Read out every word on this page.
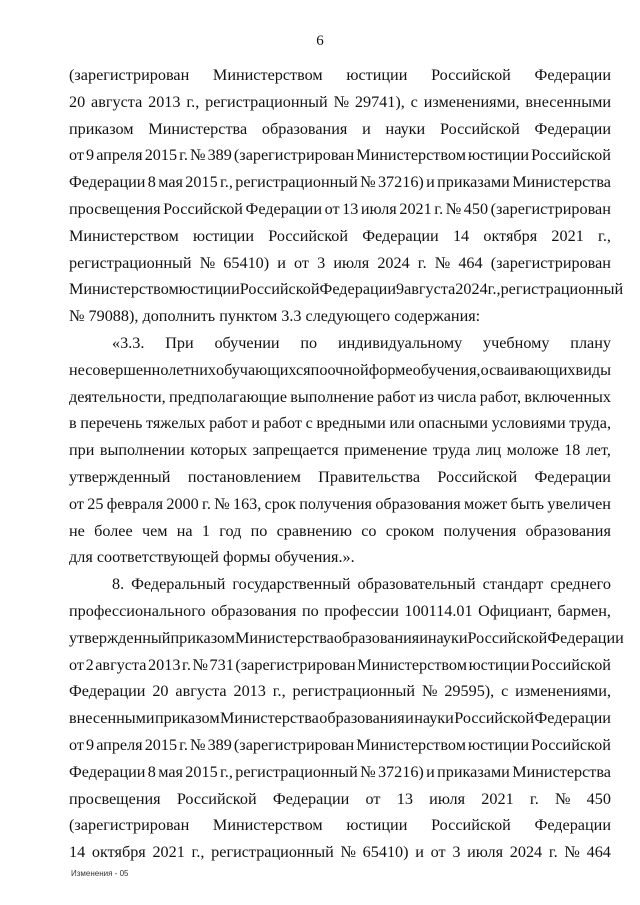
6
(зарегистрирован Министерством юстиции Российской Федерации
20 августа 2013 г., регистрационный № 29741), с изменениями, внесенными
приказом Министерства образования и науки Российской Федерации
от 9 апреля 2015 г. № 389 (зарегистрирован Министерством юстиции Российской
Федерации 8 мая 2015 г., регистрационный № 37216) и приказами Министерства
просвещения Российской Федерации от 13 июля 2021 г. № 450 (зарегистрирован
Министерством юстиции Российской Федерации 14 октября 2021 г.,
регистрационный № 65410) и от 3 июля 2024 г. № 464 (зарегистрирован
Министерством юстиции Российской Федерации 9 августа 2024 г., регистрационный
№ 79088), дополнить пунктом 3.3 следующего содержания:
«3.3. При обучении по индивидуальному учебному плану
несовершеннолетних обучающихся по очной форме обучения, осваивающих виды
деятельности, предполагающие выполнение работ из числа работ, включенных
в перечень тяжелых работ и работ с вредными или опасными условиями труда,
при выполнении которых запрещается применение труда лиц моложе 18 лет,
утвержденный постановлением Правительства Российской Федерации
от 25 февраля 2000 г. № 163, срок получения образования может быть увеличен
не более чем на 1 год по сравнению со сроком получения образования
для соответствующей формы обучения.».
8. Федеральный государственный образовательный стандарт среднего
профессионального образования по профессии 100114.01 Официант, бармен,
утвержденный приказом Министерства образования и науки Российской Федерации
от 2 августа 2013 г. № 731 (зарегистрирован Министерством юстиции Российской
Федерации 20 августа 2013 г., регистрационный № 29595), с изменениями,
внесенными приказом Министерства образования и науки Российской Федерации
от 9 апреля 2015 г. № 389 (зарегистрирован Министерством юстиции Российской
Федерации 8 мая 2015 г., регистрационный № 37216) и приказами Министерства
просвещения Российской Федерации от 13 июля 2021 г. № 450
(зарегистрирован Министерством юстиции Российской Федерации
14 октября 2021 г., регистрационный № 65410) и от 3 июля 2024 г. № 464
Изменения - 05
